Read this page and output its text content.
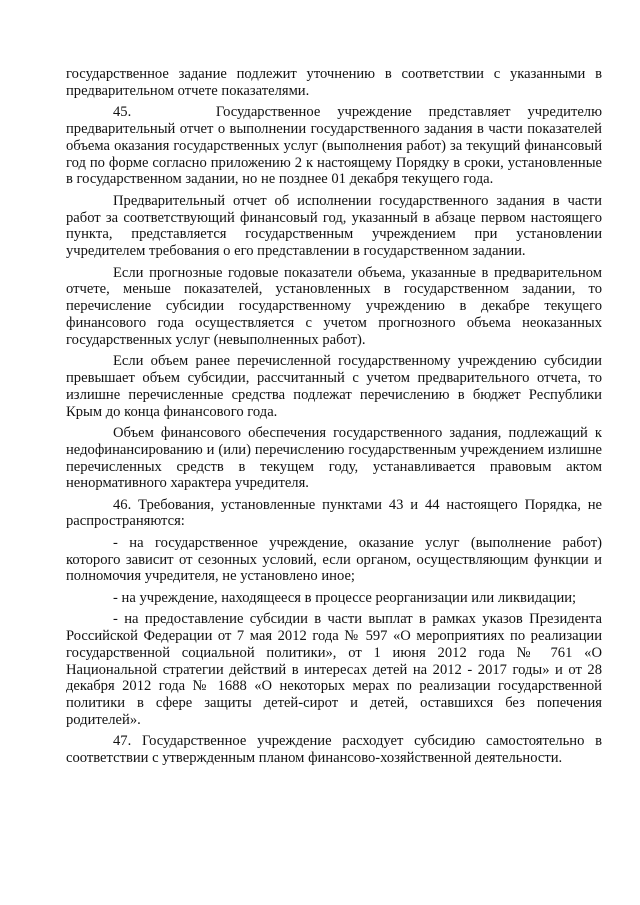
государственное задание подлежит уточнению в соответствии с указанными в предварительном отчете показателями.

45.     Государственное учреждение представляет учредителю предварительный отчет о выполнении государственного задания в части показателей объема оказания государственных услуг (выполнения работ) за текущий финансовый год по форме согласно приложению 2 к настоящему Порядку в сроки, установленные в государственном задании, но не позднее 01 декабря текущего года.

Предварительный отчет об исполнении государственного задания в части работ за соответствующий финансовый год, указанный в абзаце первом настоящего пункта, представляется государственным учреждением при установлении учредителем требования о его представлении в государственном задании.

Если прогнозные годовые показатели объема, указанные в предварительном отчете, меньше показателей, установленных в государственном задании, то перечисление субсидии государственному учреждению в декабре текущего финансового года осуществляется с учетом прогнозного объема неоказанных государственных услуг (невыполненных работ).

Если объем ранее перечисленной государственному учреждению субсидии превышает объем субсидии, рассчитанный с учетом предварительного отчета, то излишне перечисленные средства подлежат перечислению в бюджет Республики Крым до конца финансового года.

Объем финансового обеспечения государственного задания, подлежащий к недофинансированию и (или) перечислению государственным учреждением излишне перечисленных средств в текущем году, устанавливается правовым актом ненормативного характера учредителя.

46. Требования, установленные пунктами 43 и 44 настоящего Порядка, не распространяются:

- на государственное учреждение, оказание услуг (выполнение работ) которого зависит от сезонных условий, если органом, осуществляющим функции и полномочия учредителя, не установлено иное;

- на учреждение, находящееся в процессе реорганизации или ликвидации;

- на предоставление субсидии в части выплат в рамках указов Президента Российской Федерации от 7 мая 2012 года № 597 «О мероприятиях по реализации государственной социальной политики», от 1 июня 2012 года № 761 «О Национальной стратегии действий в интересах детей на 2012 - 2017 годы» и от 28 декабря 2012 года № 1688 «О некоторых мерах по реализации государственной политики в сфере защиты детей-сирот и детей, оставшихся без попечения родителей».

47. Государственное учреждение расходует субсидию самостоятельно в соответствии с утвержденным планом финансово-хозяйственной деятельности.
